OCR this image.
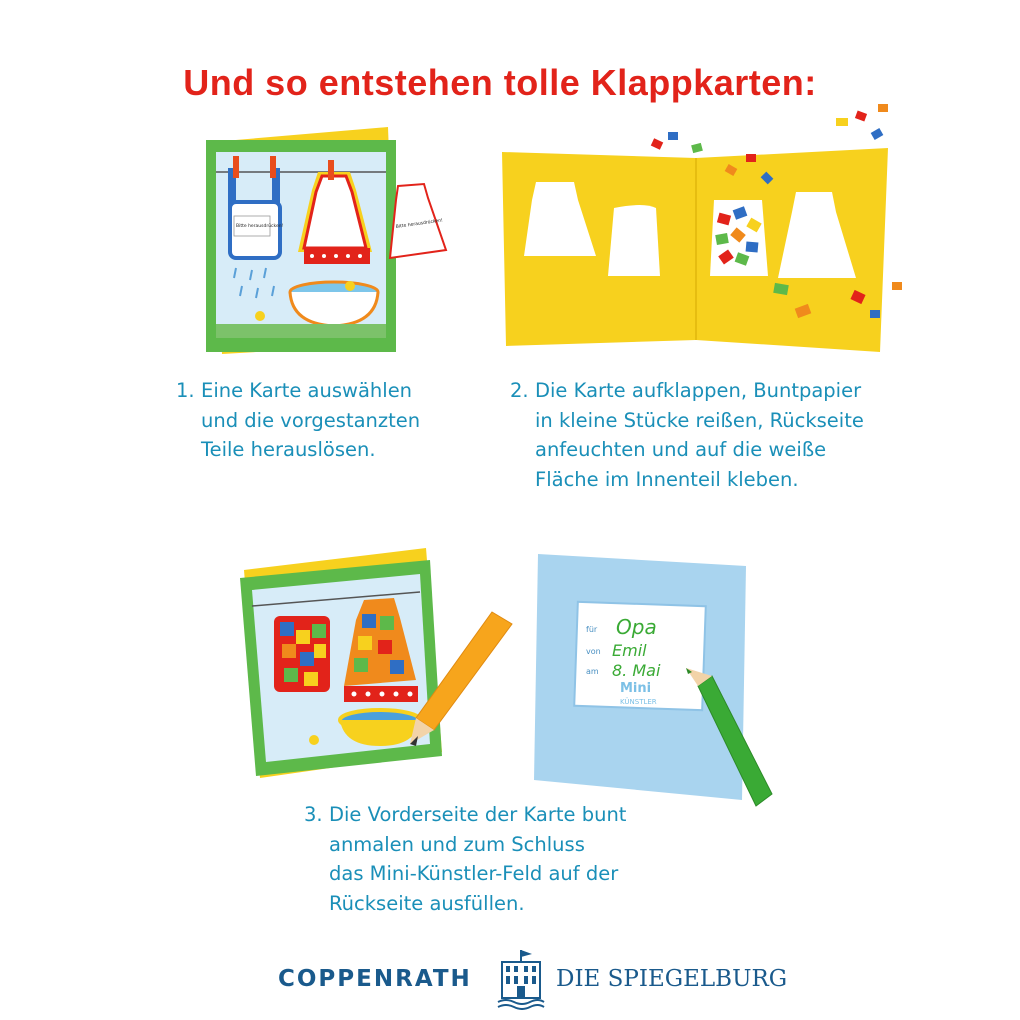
Und so entstehen tolle Klappkarten:
Bitte herausdrücken!	Bitte herausdrücken!

1.

Eine Karte auswählen
und die vorgestanzten
Teile herauslösen.

2.

Die Karte aufklappen, Buntpapier
in kleine Stücke reißen, Rückseite
anfeuchten und auf die weiße
Fläche im Innenteil kleben.

für Opa
von Emil
am 8. Mai
Mini
KÜNSTLER

3.

Die Vorderseite der Karte bunt
anmalen und zum Schluss
das Mini-Künstler-Feld auf der
Rückseite ausfüllen.

COPPENRATH	DIE SPIEGELBURG
